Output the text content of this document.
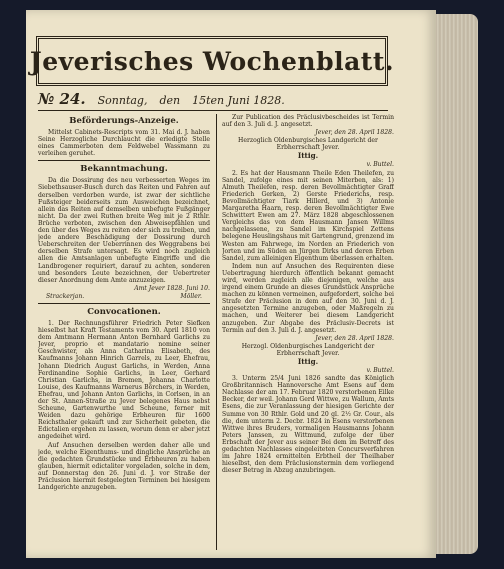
Jeverisches Wochenblatt.
№ 24. Sonntag, den 15ten Juni 1828.
Beförderungs-Anzeige.
Mittelst Cabinets-Rescripts vom 31. Mai d. J. haben Seine Herzogliche Durchlaucht die erledigte Stelle eines Cammerboten dem Feldwebel Wassmann zu verleihen geruhet.
Bekanntmachung.
Da die Dossirung des neu verbesserten Weges im Siebethsauser-Busch durch das Reiten und Fahren auf derselben verdorben wurde, ist zwar der sichtliche Fußsteiger beiderseits zum Ausweichen bezeichnet, allein das Reiten auf demselben unbefugte Fußgänger nicht. Da der zwei Ruthen breite Weg mit je 2 Rthlr. Brüche verboten, zwischen den Abweisepfählen und den über des Weges zu reiten oder sich zu treiben, und jede andere Beschädigung der Dossirung durch Ueberschreiten der Ueberrinnen des Weggrabens bei derselben Strafe untersagt. Es wird noch zugleich allen die Amtsanlagen unbefugte Eingriffe und die Landbrogener requiriert, darauf zu achten, sonderen und besonders Leute bezeichnen, der Uebertreter dieser Anordnung dem Amte anzuzeigen.
Amt Jever 1828. Juni 10.
Strackerjan.	Möller.
Convocationen.
1. Der Rechnungsführer Friedrich Peter Siefken hieselbst hat Kraft Testaments vom 30. April 1810 von dem Amtmann Hermann Anton Bernhard Garlichs zu Jever, proprio et mandatario nomine seiner Geschwister, als Anna Catharina Elisabeth, des Kaufmanns Johann Hinrich Garrels, zu Leer, Ehefrau, Johann Diedrich August Garlichs, in Werden, Anna Ferdinandine Sophie Garlichs, in Leer, Gerhard Christian Garlichs, in Bremen, Johanna Charlotte Louise, des Kaufmanns Warnerus Börchers, in Werden, Ehefrau, und Johann Anton Garlichs, in Corlsen, in an der St. Annen-Straße zu Jever belegenes Haus nebst Scheune, Gartenwurthe und Scheune, ferner mit Weiden dazu gehörige Erbheuren für 1600 Reichsthaler gekauft und zur Sicherheit gebeten, die Edictalien ergehen zu lassen, worum denn er aber jetzt angedeihet wird.
Auf Ansuchen derselben werden daher alle und jede, welche Eigenthums- und dingliche Ansprüche an die gedachten Grundstücke und Erbheuren zu haben glauben, hiermit edictaliter vorgeladen, solche in dem, auf Donnerstag den 26. Juni d. J. vor Straße der Präclusion hiermit festgelegten Terminen bei hiesigem Landgerichte anzugeben.
Zur Publication des Präclusivbescheides ist Termin auf den 3. Juli d. J. angesetzt.
Jever, den 28. April 1828.
Herzoglich Oldenburgisches Landgericht der Erbherrschaft Jever.
Ittig.
v. Buttel.
2. Es hat der Hausmann Theile Eden Theilefen, zu Sandel, zufolge eines mit seinen Miterben, als: 1) Almuth Theilefen, resp. deren Bevollmächtigter Graff Friederich Gerken, 2) Gerste Friederichs, resp. Bevollmächtigter Tiark Hillerd, und 3) Antonie Margaretha Haarn, resp. deren Bevollmächtigter Ewe Schwittert Ewen am 27. März 1828 abgeschlossenen Vergleichs das von dem Hausmann Jansen Willms nachgelassene, zu Sandel im Kirchspiel Zettens belegene Heuslingshaus mit Gartengrund, grenzend im Westen am Fahrwege, im Norden an Friederich von Jorten und im Süden an Jürgen Dirks und deren Erben Sandel, zum alleinigen Eigenthum überlassen erhalten.
Indem nun auf Ansuchen des Requirenten diese Uebertragung hierdurch öffentlich bekannt gemacht wird, werden zugleich alle diejenigen, welche aus irgend einem Grunde an dieses Grundstück Ansprüche machen zu können vermeinen, aufgefordert, solche bei Strafe der Präclusion in dem auf den 30. Juni d. J. angesetzten Termine anzugeben, oder Maßregeln zu machen, und Weiterer bei diesem Landgericht anzugeben. Zur Abgabe des Präclusiv-Decrets ist Termin auf den 3. Juli d. J. angesetzt.
Jever, den 28. April 1828.
Herzogl. Oldenburgisches Landgericht der Erbherrschaft Jever.
Ittig.
v. Buttel.
3. Unterm 25/4 Juni 1826 sandte das Königlich Großbritannisch Hannoversche Amt Esens auf dem Nachlasse der am 17. Februar 1820 verstorbenen Eilke Becker, der weil. Johann Gerd Wittwe, zu Wallum, Amts Esens, die zur Veranlassung der hiesigen Gerichte der Summe von 30 Rthlr. Gold und 20 gl. 2½ Gr. Cour., als die, dem unterm 2. Decbr. 1824 in Esens verstorbenen Wittwe ihres Bruders, vormaligen Hausmanns Johann Peters Janssen, zu Wittmund, zufolge der über Erbschaft der Jever aus seiner Bei dem im Betreff des gedachten Nachlasses eingeleiteten Concursverfahren im Jahre 1824 ermittelten Erbtheil der Theilhaber hieselbst, den dem Präclusionstermin dem vorliegend dieser Betrag in Abzug anzubringen.
